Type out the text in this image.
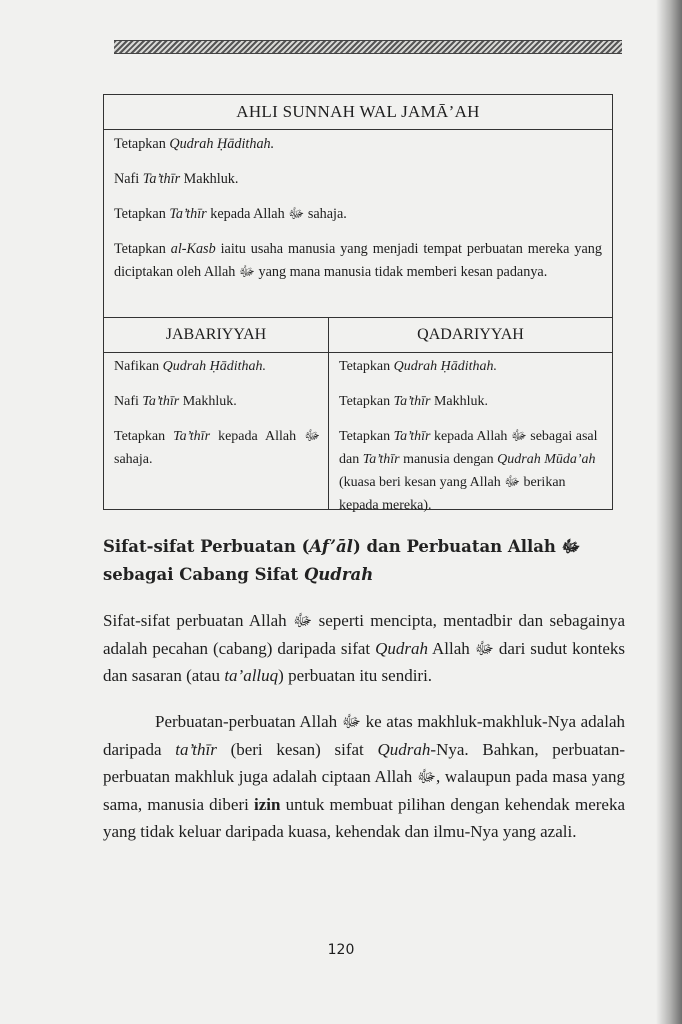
AHLI SUNNAH WAL JAMĀ’AH

Tetapkan Qudrah Ḥādithah.

Nafi Ta’thīr Makhluk.

Tetapkan Ta’thīr kepada Allah ﷻ sahaja.

Tetapkan al-Kasb iaitu usaha manusia yang menjadi tempat perbuatan mereka yang diciptakan oleh Allah ﷻ yang mana manusia tidak memberi kesan padanya.

JABARIYYAH

Nafikan Qudrah Ḥādithah.

Nafi Ta’thīr Makhluk.

Tetapkan Ta’thīr kepada Allah ﷻ sahaja.

QADARIYYAH

Tetapkan Qudrah Ḥādithah.

Tetapkan Ta’thīr Makhluk.

Tetapkan Ta’thīr kepada Allah ﷻ sebagai asal dan Ta’thīr manusia dengan Qudrah Mūda’ah (kuasa beri kesan yang Allah ﷻ berikan kepada mereka).

Sifat-sifat Perbuatan (Af’āl) dan Perbuatan Allah ﷻ sebagai Cabang Sifat Qudrah
Sifat-sifat perbuatan Allah ﷻ seperti mencipta, mentadbir dan sebagainya adalah pecahan (cabang) daripada sifat Qudrah Allah ﷻ dari sudut konteks dan sasaran (atau ta’alluq) perbuatan itu sendiri.
Perbuatan-perbuatan Allah ﷻ ke atas makhluk-makhluk-Nya adalah daripada ta’thīr (beri kesan) sifat Qudrah-Nya. Bahkan, perbuatan-perbuatan makhluk juga adalah ciptaan Allah ﷻ, walaupun pada masa yang sama, manusia diberi izin untuk membuat pilihan dengan kehendak mereka yang tidak keluar daripada kuasa, kehendak dan ilmu-Nya yang azali.
120
